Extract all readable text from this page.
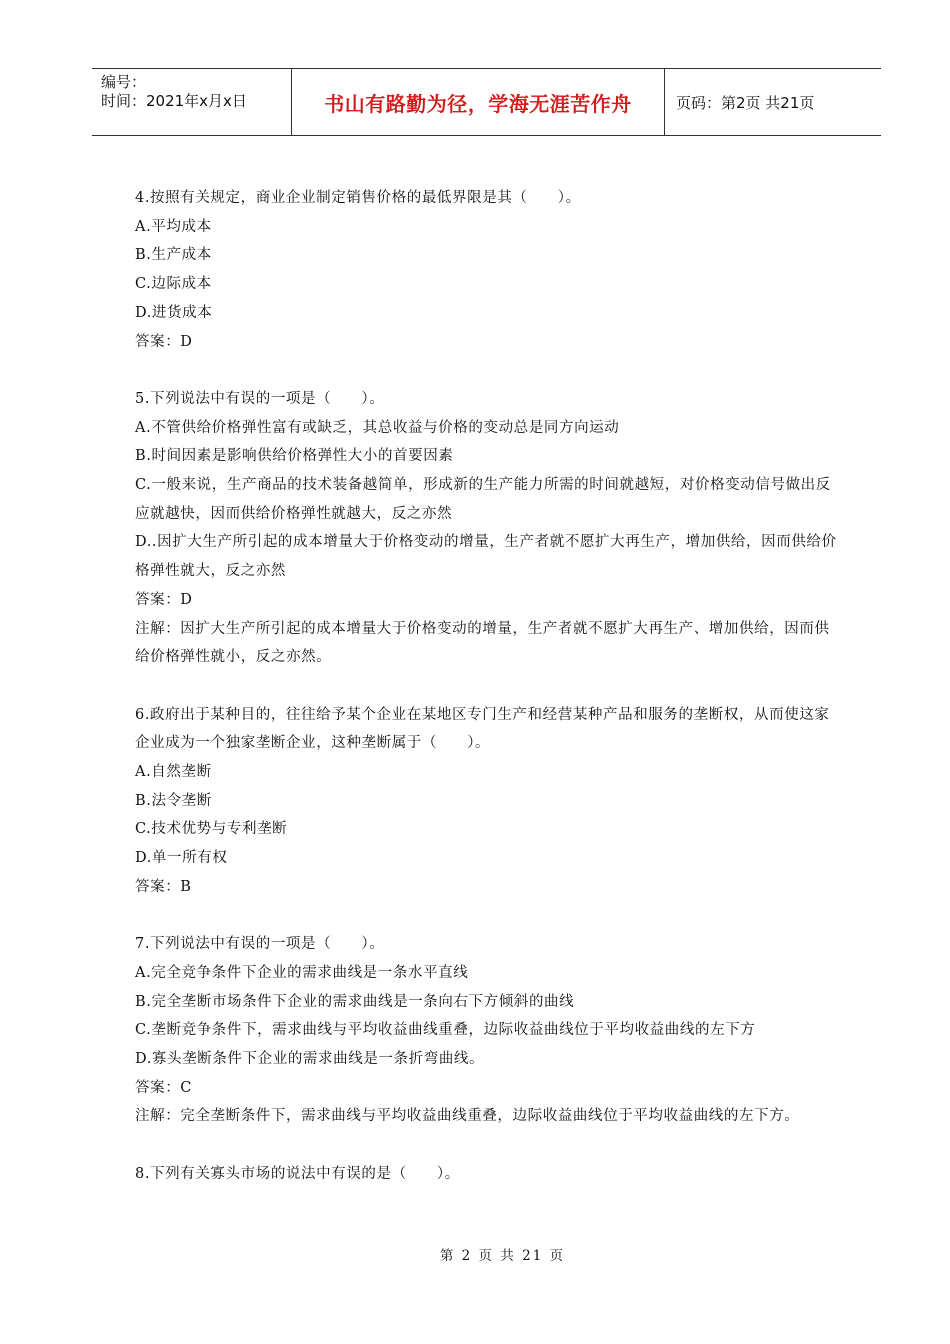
编号：
时间：2021年x月x日	书山有路勤为径，学海无涯苦作舟	页码：第2页 共21页
4.按照有关规定，商业企业制定销售价格的最低界限是其（　　）。
A.平均成本
B.生产成本
C.边际成本
D.进货成本
答案：D
5.下列说法中有误的一项是（　　）。
A.不管供给价格弹性富有或缺乏，其总收益与价格的变动总是同方向运动
B.时间因素是影响供给价格弹性大小的首要因素
C.一般来说，生产商品的技术装备越简单，形成新的生产能力所需的时间就越短，对价格变动信号做出反应就越快，因而供给价格弹性就越大，反之亦然
D..因扩大生产所引起的成本增量大于价格变动的增量，生产者就不愿扩大再生产，增加供给，因而供给价格弹性就大，反之亦然
答案：D
注解：因扩大生产所引起的成本增量大于价格变动的增量，生产者就不愿扩大再生产、增加供给，因而供给价格弹性就小，反之亦然。
6.政府出于某种目的，往往给予某个企业在某地区专门生产和经营某种产品和服务的垄断权，从而使这家企业成为一个独家垄断企业，这种垄断属于（　　）。
A.自然垄断
B.法令垄断
C.技术优势与专利垄断
D.单一所有权
答案：B
7.下列说法中有误的一项是（　　）。
A.完全竞争条件下企业的需求曲线是一条水平直线
B.完全垄断市场条件下企业的需求曲线是一条向右下方倾斜的曲线
C.垄断竞争条件下，需求曲线与平均收益曲线重叠，边际收益曲线位于平均收益曲线的左下方
D.寡头垄断条件下企业的需求曲线是一条折弯曲线。
答案：C
注解：完全垄断条件下，需求曲线与平均收益曲线重叠，边际收益曲线位于平均收益曲线的左下方。
8.下列有关寡头市场的说法中有误的是（　　）。
第 2 页 共 21 页
